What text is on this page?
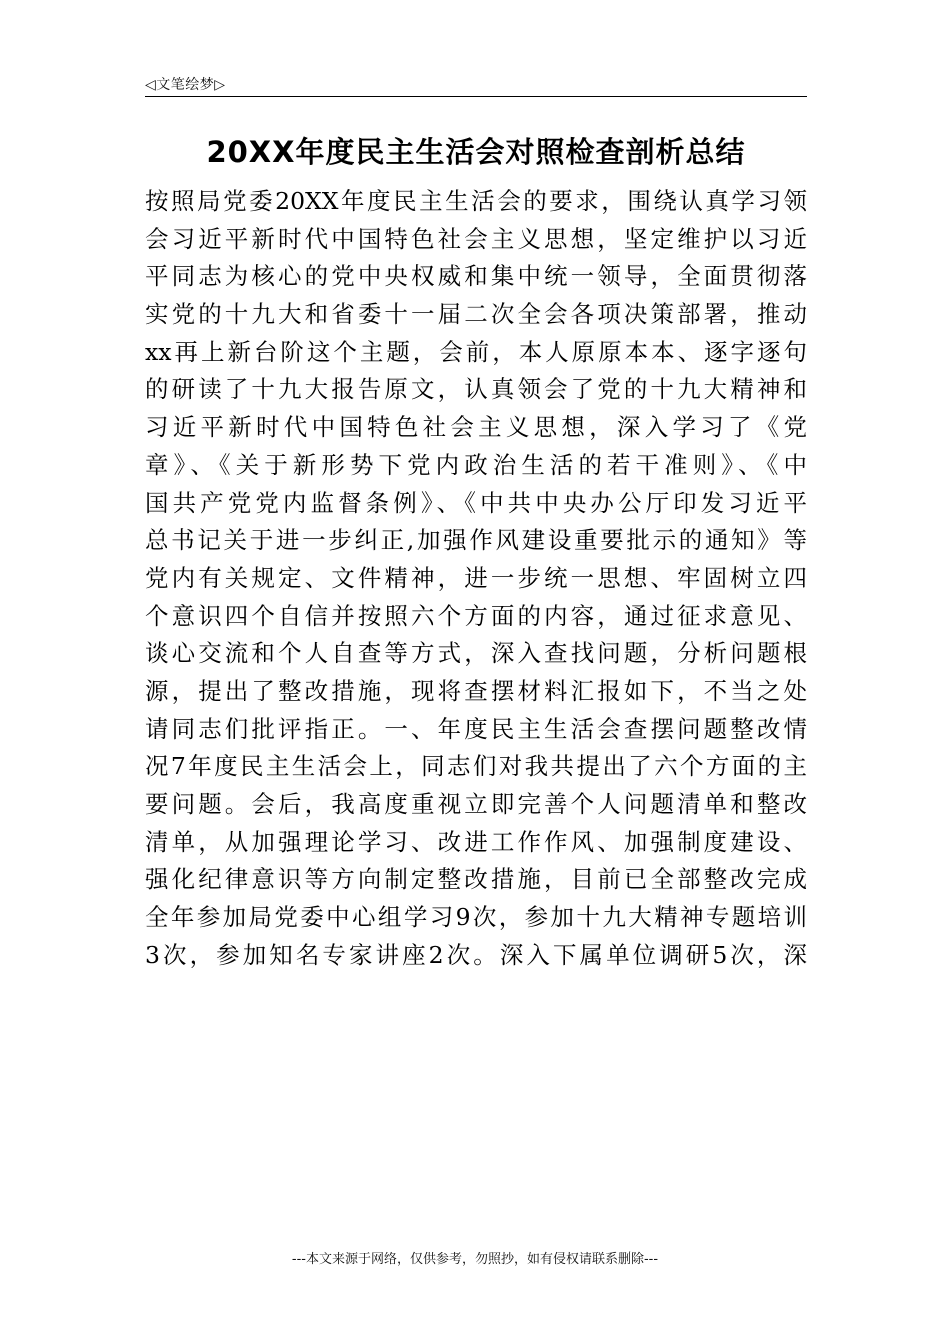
◁文笔绘梦▷
20XX年度民主生活会对照检查剖析总结
按照局党委20XX年度民主生活会的要求，围绕认真学习领
会习近平新时代中国特色社会主义思想，坚定维护以习近
平同志为核心的党中央权威和集中统一领导，全面贯彻落
实党的十九大和省委十一届二次全会各项决策部署，推动
xx再上新台阶这个主题，会前，本人原原本本、逐字逐句
的研读了十九大报告原文，认真领会了党的十九大精神和
习近平新时代中国特色社会主义思想，深入学习了《党
章》、《关于新形势下党内政治生活的若干准则》、《中
国共产党党内监督条例》、《中共中央办公厅印发习近平
总书记关于进一步纠正,加强作风建设重要批示的通知》等
党内有关规定、文件精神，进一步统一思想、牢固树立四
个意识四个自信并按照六个方面的内容，通过征求意见、
谈心交流和个人自查等方式，深入查找问题，分析问题根
源，提出了整改措施，现将查摆材料汇报如下，不当之处
请同志们批评指正。一、年度民主生活会查摆问题整改情
况7年度民主生活会上，同志们对我共提出了六个方面的主
要问题。会后，我高度重视立即完善个人问题清单和整改
清单，从加强理论学习、改进工作作风、加强制度建设、
强化纪律意识等方向制定整改措施，目前已全部整改完成
全年参加局党委中心组学习9次，参加十九大精神专题培训
3次，参加知名专家讲座2次。深入下属单位调研5次，深
---本文来源于网络，仅供参考，勿照抄，如有侵权请联系删除---
